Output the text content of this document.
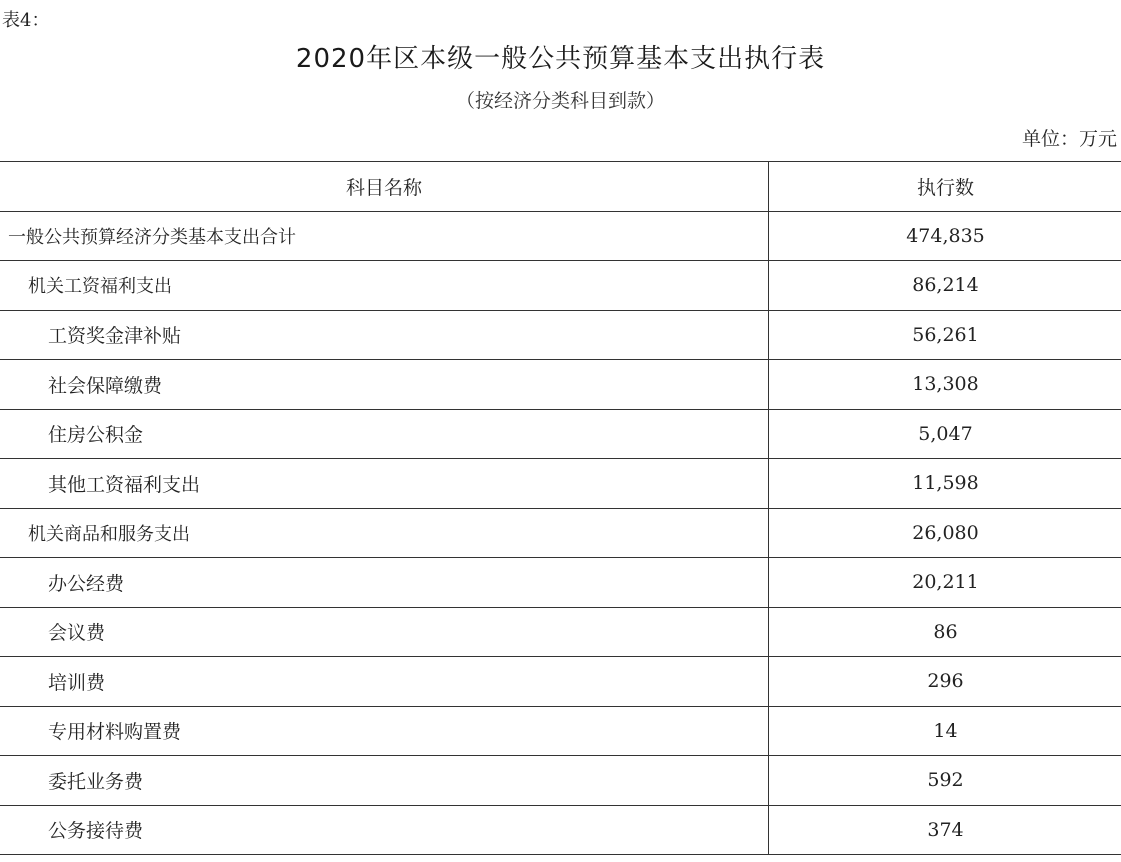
表4：
2020年区本级一般公共预算基本支出执行表
（按经济分类科目到款）
单位：万元
科目名称	执行数
一般公共预算经济分类基本支出合计	474,835
机关工资福利支出	86,214
工资奖金津补贴	56,261
社会保障缴费	13,308
住房公积金	5,047
其他工资福利支出	11,598
机关商品和服务支出	26,080
办公经费	20,211
会议费	86
培训费	296
专用材料购置费	14
委托业务费	592
公务接待费	374
